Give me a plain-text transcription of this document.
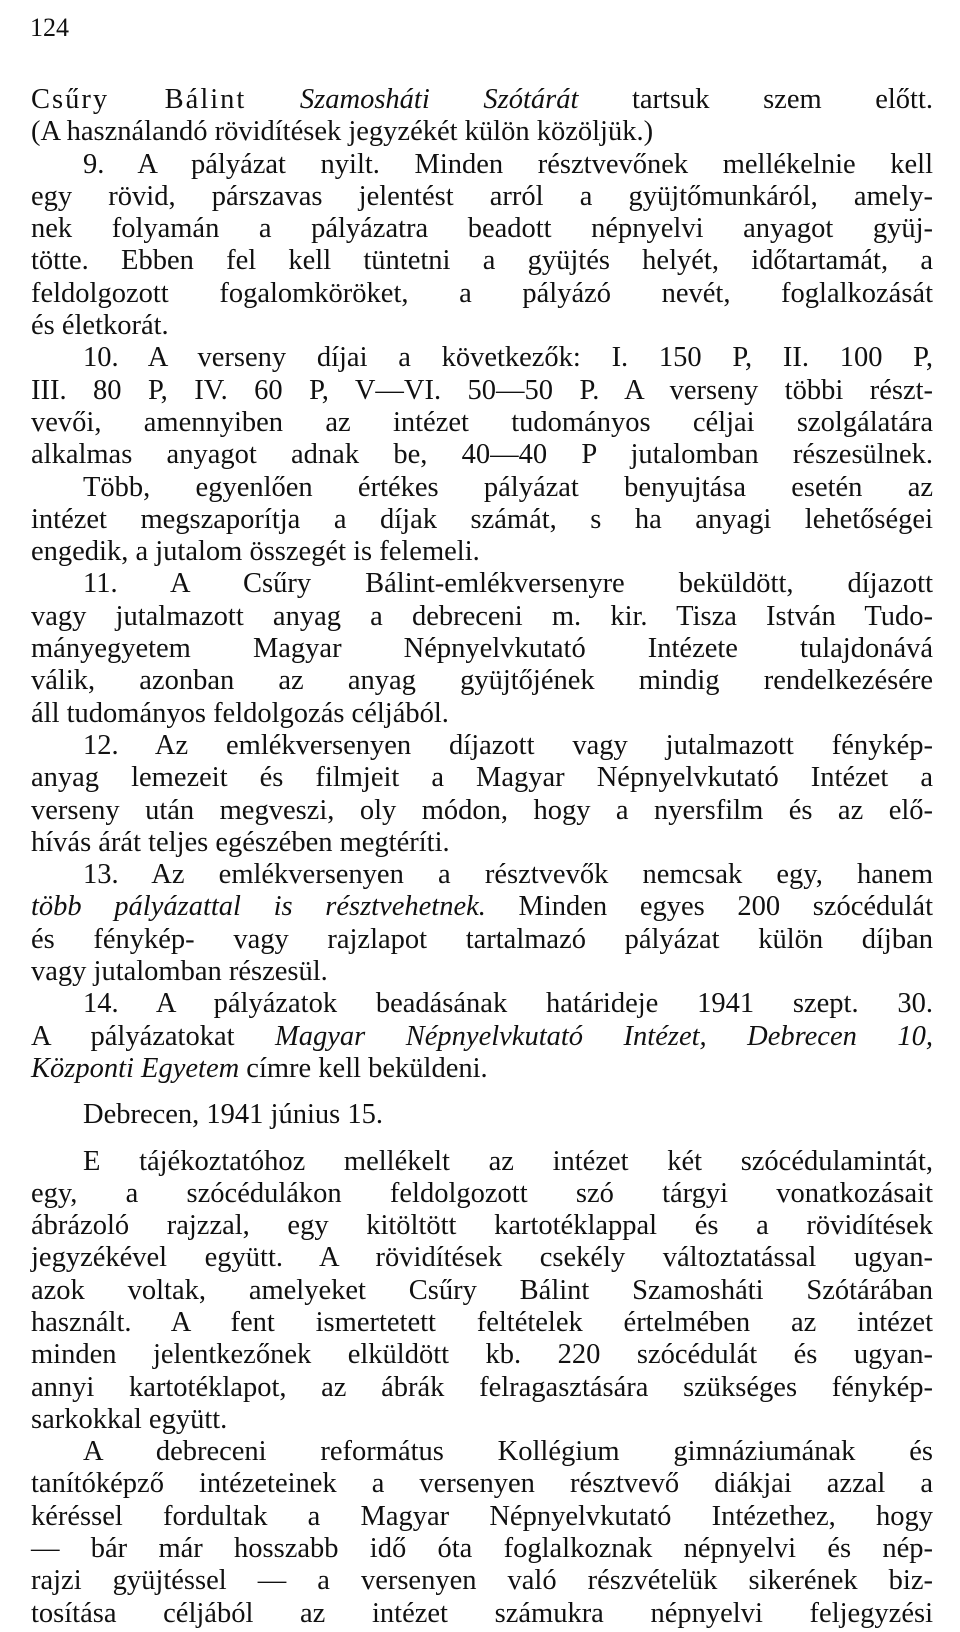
124
Csűry Bálint Szamosháti Szótárát tartsuk szem előtt.
(A használandó rövidítések jegyzékét külön közöljük.)
9. A pályázat nyilt. Minden résztvevőnek mellékelnie kell
egy rövid, párszavas jelentést arról a gyüjtőmunkáról, amely-
nek folyamán a pályázatra beadott népnyelvi anyagot gyüj-
tötte. Ebben fel kell tüntetni a gyüjtés helyét, időtartamát, a
feldolgozott fogalomköröket, a pályázó nevét, foglalkozását
és életkorát.
10. A verseny díjai a következők: I. 150 P, II. 100 P,
III. 80 P, IV. 60 P, V—VI. 50—50 P. A verseny többi részt-
vevői, amennyiben az intézet tudományos céljai szolgálatára
alkalmas anyagot adnak be, 40—40 P jutalomban részesülnek.
Több, egyenlően értékes pályázat benyujtása esetén az
intézet megszaporítja a díjak számát, s ha anyagi lehetőségei
engedik, a jutalom összegét is felemeli.
11. A Csűry Bálint-emlékversenyre beküldött, díjazott
vagy jutalmazott anyag a debreceni m. kir. Tisza István Tudo-
mányegyetem Magyar Népnyelvkutató Intézete tulajdonává
válik, azonban az anyag gyüjtőjének mindig rendelkezésére
áll tudományos feldolgozás céljából.
12. Az emlékversenyen díjazott vagy jutalmazott fénykép-
anyag lemezeit és filmjeit a Magyar Népnyelvkutató Intézet a
verseny után megveszi, oly módon, hogy a nyersfilm és az elő-
hívás árát teljes egészében megtéríti.
13. Az emlékversenyen a résztvevők nemcsak egy, hanem
több pályázattal is résztvehetnek. Minden egyes 200 szócédulát
és fénykép- vagy rajzlapot tartalmazó pályázat külön díjban
vagy jutalomban részesül.
14. A pályázatok beadásának határideje 1941 szept. 30.
A pályázatokat Magyar Népnyelvkutató Intézet, Debrecen 10,
Központi Egyetem címre kell beküldeni.
Debrecen, 1941 június 15.
E tájékoztatóhoz mellékelt az intézet két szócédulamintát,
egy, a szócédulákon feldolgozott szó tárgyi vonatkozásait
ábrázoló rajzzal, egy kitöltött kartotéklappal és a rövidítések
jegyzékével együtt. A rövidítések csekély változtatással ugyan-
azok voltak, amelyeket Csűry Bálint Szamosháti Szótárában
használt. A fent ismertetett feltételek értelmében az intézet
minden jelentkezőnek elküldött kb. 220 szócédulát és ugyan-
annyi kartotéklapot, az ábrák felragasztására szükséges fénykép-
sarkokkal együtt.
A debreceni református Kollégium gimnáziumának és
tanítóképző intézeteinek a versenyen résztvevő diákjai azzal a
kéréssel fordultak a Magyar Népnyelvkutató Intézethez, hogy
— bár már hosszabb idő óta foglalkoznak népnyelvi és nép-
rajzi gyüjtéssel — a versenyen való részvételük sikerének biz-
tosítása céljából az intézet számukra népnyelvi feljegyzési
